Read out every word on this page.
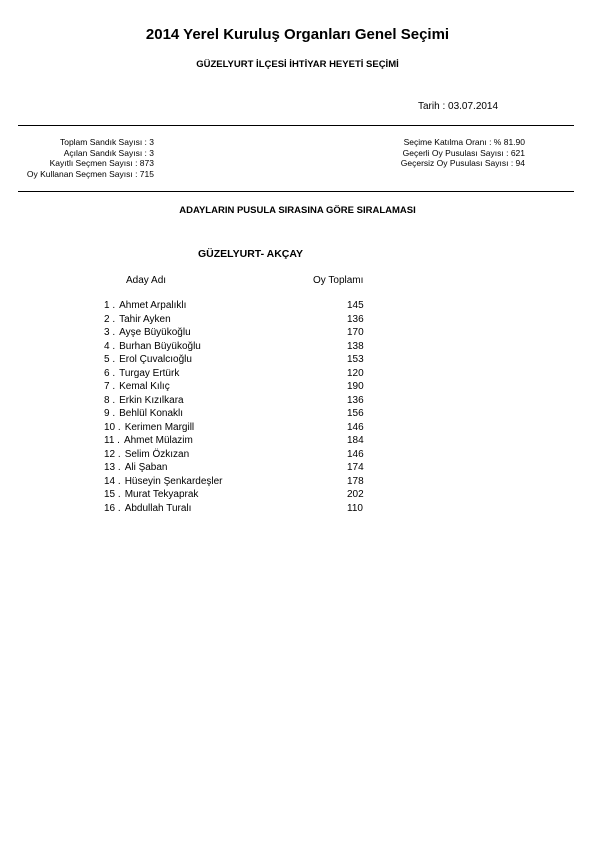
2014 Yerel Kuruluş Organları Genel Seçimi
GÜZELYURT İLÇESİ İHTİYAR HEYETİ SEÇİMİ
Tarih : 03.07.2014
Toplam Sandık Sayısı : 3
Açılan Sandık Sayısı : 3
Kayıtlı Seçmen Sayısı : 873
Oy Kullanan Seçmen Sayısı : 715
Seçime Katılma Oranı : % 81.90
Geçerli Oy Pusulası Sayısı : 621
Geçersiz Oy Pusulası Sayısı : 94
ADAYLARIN PUSULA SIRASINA GÖRE SIRALAMASI
GÜZELYURT- AKÇAY
Aday Adı	Oy Toplamı
1 . Ahmet Arpalıklı	145
2 . Tahir Ayken	136
3 . Ayşe Büyükoğlu	170
4 . Burhan Büyükoğlu	138
5 . Erol Çuvalcıoğlu	153
6 . Turgay Ertürk	120
7 . Kemal Kılıç	190
8 . Erkin Kızılkara	136
9 . Behlül Konaklı	156
10 . Kerimen Margill	146
11 . Ahmet Mülazim	184
12 . Selim Özkızan	146
13 . Ali Şaban	174
14 . Hüseyin Şenkardeşler	178
15 . Murat Tekyaprak	202
16 . Abdullah Turalı	110
